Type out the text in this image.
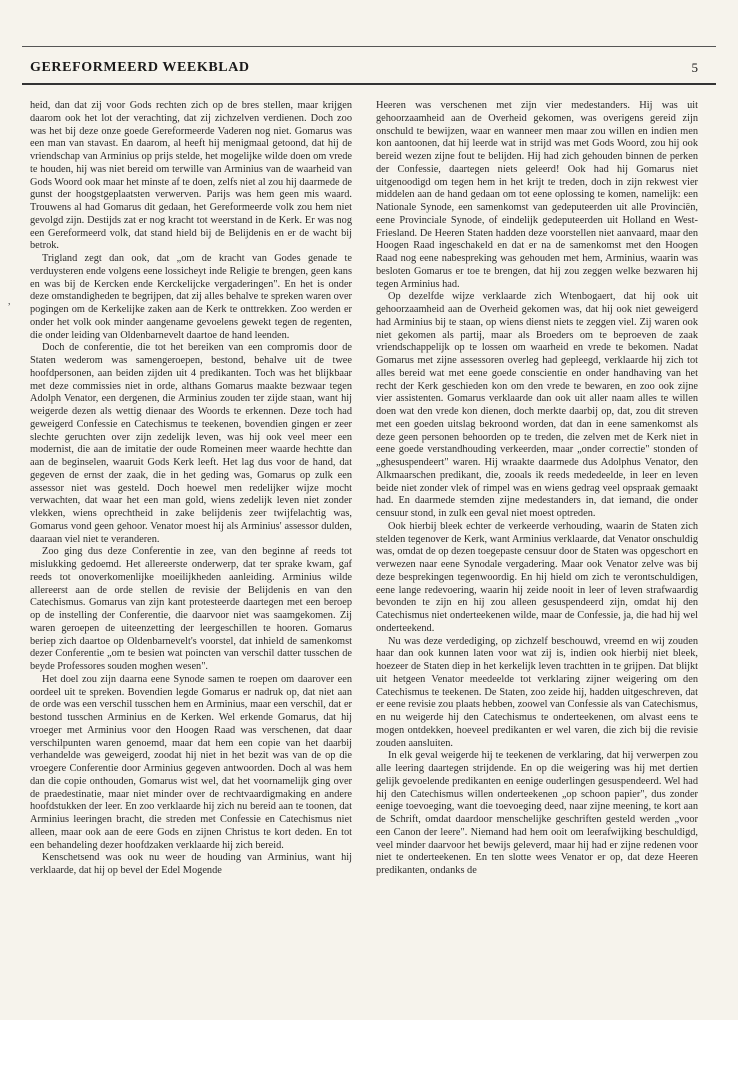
GEREFORMEERD WEEKBLAD	5
,

heid, dan dat zij voor Gods rechten zich op de bres stellen, maar krijgen daarom ook het lot der verachting, dat zij zichzelven verdienen. Doch zoo was het bij deze onze goede Gereformeerde Vaderen nog niet. Gomarus was een man van stavast. En daarom, al heeft hij menigmaal getoond, dat hij de vriendschap van Arminius op prijs stelde, het mogelijke wilde doen om vrede te houden, hij was niet bereid om terwille van Arminius van de waarheid van Gods Woord ook maar het minste af te doen, zelfs niet al zou hij daarmede de gunst der hoogstgeplaatsten verwerven. Parijs was hem geen mis waard. Trouwens al had Gomarus dit gedaan, het Gereformeerde volk zou hem niet gevolgd zijn. Destijds zat er nog kracht tot weerstand in de Kerk. Er was nog een Gereformeerd volk, dat stand hield bij de Belijdenis en er de wacht bij betrok.

Trigland zegt dan ook, dat „om de kracht van Godes genade te verduysteren ende volgens eene lossicheyt inde Religie te brengen, geen kans en was bij de Kercken ende Kerckelijcke vergaderingen". En het is onder deze omstandigheden te begrijpen, dat zij alles behalve te spreken waren over pogingen om de Kerkelijke zaken aan de Kerk te onttrekken. Zoo werden er onder het volk ook minder aangename gevoelens gewekt tegen de regenten, die onder leiding van Oldenbarnevelt daartoe de hand leenden.

Doch de conferentie, die tot het bereiken van een compromis door de Staten wederom was samengeroepen, bestond, behalve uit de twee hoofdpersonen, aan beiden zijden uit 4 predikanten. Toch was het blijkbaar met deze commissies niet in orde, althans Gomarus maakte bezwaar tegen Adolph Venator, een dergenen, die Arminius zouden ter zijde staan, want hij weigerde dezen als wettig dienaar des Woords te erkennen. Deze toch had geweigerd Confessie en Catechismus te teekenen, bovendien gingen er zeer slechte geruchten over zijn zedelijk leven, was hij ook veel meer een modernist, die aan de imitatie der oude Romeinen meer waarde hechtte dan aan de beginselen, waaruit Gods Kerk leeft. Het lag dus voor de hand, dat gegeven de ernst der zaak, die in het geding was, Gomarus op zulk een assessor niet was gesteld. Doch hoewel men redelijker wijze mocht verwachten, dat waar het een man gold, wiens zedelijk leven niet zonder vlekken, wiens oprechtheid in zake belijdenis zeer twijfelachtig was, Gomarus vond geen gehoor. Venator moest hij als Arminius' assessor dulden, daaraan viel niet te veranderen.

Zoo ging dus deze Conferentie in zee, van den beginne af reeds tot mislukking gedoemd. Het allereerste onderwerp, dat ter sprake kwam, gaf reeds tot onoverkomenlijke moeilijkheden aanleiding. Arminius wilde allereerst aan de orde stellen de revisie der Belijdenis en van den Catechismus. Gomarus van zijn kant protesteerde daartegen met een beroep op de instelling der Conferentie, die daarvoor niet was saamgekomen. Zij waren geroepen de uiteenzetting der leergeschillen te hooren. Gomarus beriep zich daartoe op Oldenbarnevelt's voorstel, dat inhield de samenkomst dezer Conferentie „om te besien wat poincten van verschil datter tusschen de beyde Professores souden moghen wesen".

Het doel zou zijn daarna eene Synode samen te roepen om daarover een oordeel uit te spreken. Bovendien legde Gomarus er nadruk op, dat niet aan de orde was een verschil tusschen hem en Arminius, maar een verschil, dat er bestond tusschen Arminius en de Kerken. Wel erkende Gomarus, dat hij vroeger met Arminius voor den Hoogen Raad was verschenen, dat daar verschilpunten waren genoemd, maar dat hem een copie van het daarbij verhandelde was geweigerd, zoodat hij niet in het bezit was van de op die vroegere Conferentie door Arminius gegeven antwoorden. Doch al was hem dan die copie onthouden, Gomarus wist wel, dat het voornamelijk ging over de praedestinatie, maar niet minder over de rechtvaardigmaking en andere hoofdstukken der leer. En zoo verklaarde hij zich nu bereid aan te toonen, dat Arminius leeringen bracht, die streden met Confessie en Catechismus niet alleen, maar ook aan de eere Gods en zijnen Christus te kort deden. En tot een behandeling dezer hoofdzaken verklaarde hij zich bereid.

Kenschetsend was ook nu weer de houding van Arminius, want hij verklaarde, dat hij op bevel der Edel Mogende

Heeren was verschenen met zijn vier medestanders. Hij was uit gehoorzaamheid aan de Overheid gekomen, was overigens gereid zijn onschuld te bewijzen, waar en wanneer men maar zou willen en indien men kon aantoonen, dat hij leerde wat in strijd was met Gods Woord, zou hij ook bereid wezen zijne fout te belijden. Hij had zich gehouden binnen de perken der Confessie, daartegen niets geleerd! Ook had hij Gomarus niet uitgenoodigd om tegen hem in het krijt te treden, doch in zijn rekwest vier middelen aan de hand gedaan om tot eene oplossing te komen, namelijk: een Nationale Synode, een samenkomst van gedeputeerden uit alle Provinciën, eene Provinciale Synode, of eindelijk gedeputeerden uit Holland en West-Friesland. De Heeren Staten hadden deze voorstellen niet aanvaard, maar den Hoogen Raad ingeschakeld en dat er na de samenkomst met den Hoogen Raad nog eene nabespreking was gehouden met hem, Arminius, waarin was besloten Gomarus er toe te brengen, dat hij zou zeggen welke bezwaren hij tegen Arminius had.

Op dezelfde wijze verklaarde zich Wtenbogaert, dat hij ook uit gehoorzaamheid aan de Overheid gekomen was, dat hij ook niet geweigerd had Arminius bij te staan, op wiens dienst niets te zeggen viel. Zij waren ook niet gekomen als partij, maar als Broeders om te beproeven de zaak vriendschappelijk op te lossen om waarheid en vrede te bekomen. Nadat Gomarus met zijne assessoren overleg had gepleegd, verklaarde hij zich tot alles bereid wat met eene goede conscientie en onder handhaving van het recht der Kerk geschieden kon om den vrede te bewaren, en zoo ook zijne vier assistenten. Gomarus verklaarde dan ook uit aller naam alles te willen doen wat den vrede kon dienen, doch merkte daarbij op, dat, zou dit streven met een goeden uitslag bekroond worden, dat dan in eene samenkomst als deze geen personen behoorden op te treden, die zelven met de Kerk niet in eene goede verstandhouding verkeerden, maar „onder correctie" stonden of „ghesuspendeert" waren. Hij wraakte daarmede dus Adolphus Venator, den Alkmaarschen predikant, die, zooals ik reeds mededeelde, in leer en leven beide niet zonder vlek of rimpel was en wiens gedrag veel opspraak gemaakt had. En daarmede stemden zijne medestanders in, dat iemand, die onder censuur stond, in zulk een geval niet moest optreden.

Ook hierbij bleek echter de verkeerde verhouding, waarin de Staten zich stelden tegenover de Kerk, want Arminius verklaarde, dat Venator onschuldig was, omdat de op dezen toegepaste censuur door de Staten was opgeschort en verwezen naar eene Synodale vergadering. Maar ook Venator zelve was bij deze besprekingen tegenwoordig. En hij hield om zich te verontschuldigen, eene lange redevoering, waarin hij zeide nooit in leer of leven strafwaardig bevonden te zijn en hij zou alleen gesuspendeerd zijn, omdat hij den Catechismus niet onderteekenen wilde, maar de Confessie, ja, die had hij wel onderteekend.

Nu was deze verdediging, op zichzelf beschouwd, vreemd en wij zouden haar dan ook kunnen laten voor wat zij is, indien ook hierbij niet bleek, hoezeer de Staten diep in het kerkelijk leven trachtten in te grijpen. Dat blijkt uit hetgeen Venator meedeelde tot verklaring zijner weigering om den Catechismus te teekenen. De Staten, zoo zeide hij, hadden uitgeschreven, dat er eene revisie zou plaats hebben, zoowel van Confessie als van Catechismus, en nu weigerde hij den Catechismus te onderteekenen, om alvast eens te mogen ontdekken, hoeveel predikanten er wel varen, die zich bij die revisie zouden aansluiten.

In elk geval weigerde hij te teekenen de verklaring, dat hij verwerpen zou alle leering daartegen strijdende. En op die weigering was hij met dertien gelijk gevoelende predikanten en eenige ouderlingen gesuspendeerd. Wel had hij den Catechismus willen onderteekenen „op schoon papier", dus zonder eenige toevoeging, want die toevoeging deed, naar zijne meening, te kort aan de Schrift, omdat daardoor menschelijke geschriften gesteld werden „voor een Canon der leere". Niemand had hem ooit om leerafwijking beschuldigd, veel minder daarvoor het bewijs geleverd, maar hij had er zijne redenen voor niet te onderteekenen. En ten slotte wees Venator er op, dat deze Heeren predikanten, ondanks de
